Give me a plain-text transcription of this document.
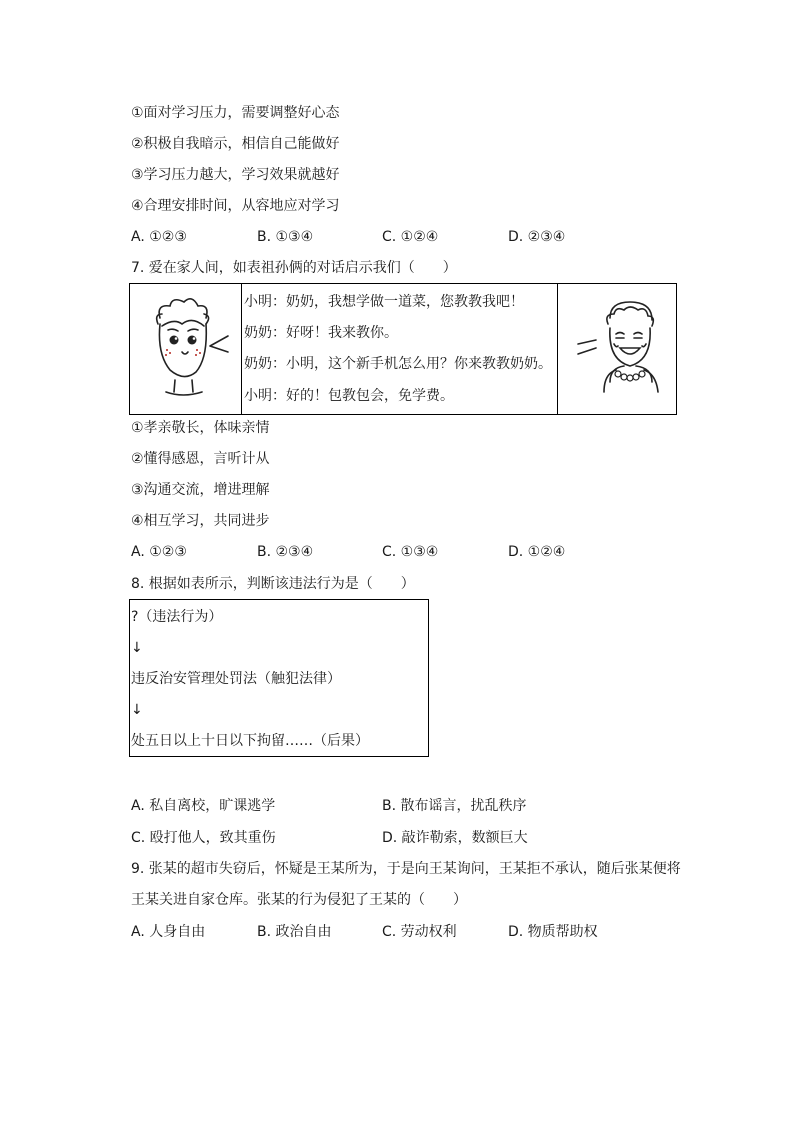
①面对学习压力，需要调整好心态
②积极自我暗示，相信自己能做好
③学习压力越大，学习效果就越好
④合理安排时间，从容地应对学习
A. ①②③	B. ①③④	C. ①②④	D. ②③④
7. 爱在家人间，如表祖孙俩的对话启示我们（　　）

小明：奶奶，我想学做一道菜，您教教我吧！
奶奶：好呀！我来教你。
奶奶：小明，这个新手机怎么用？你来教教奶奶。
小明：好的！包教包会，免学费。

①孝亲敬长，体味亲情
②懂得感恩，言听计从
③沟通交流，增进理解
④相互学习，共同进步
A. ①②③	B. ②③④	C. ①③④	D. ①②④
8. 根据如表所示，判断该违法行为是（　　）
?（违法行为）
↓
违反治安管理处罚法（触犯法律）
↓
处五日以上十日以下拘留……（后果）
A. 私自离校，旷课逃学	B. 散布谣言，扰乱秩序
C. 殴打他人，致其重伤	D. 敲诈勒索，数额巨大
9. 张某的超市失窃后，怀疑是王某所为，于是向王某询问，王某拒不承认，随后张某便将
王某关进自家仓库。张某的行为侵犯了王某的（　　）
A. 人身自由	B. 政治自由	C. 劳动权利	D. 物质帮助权
